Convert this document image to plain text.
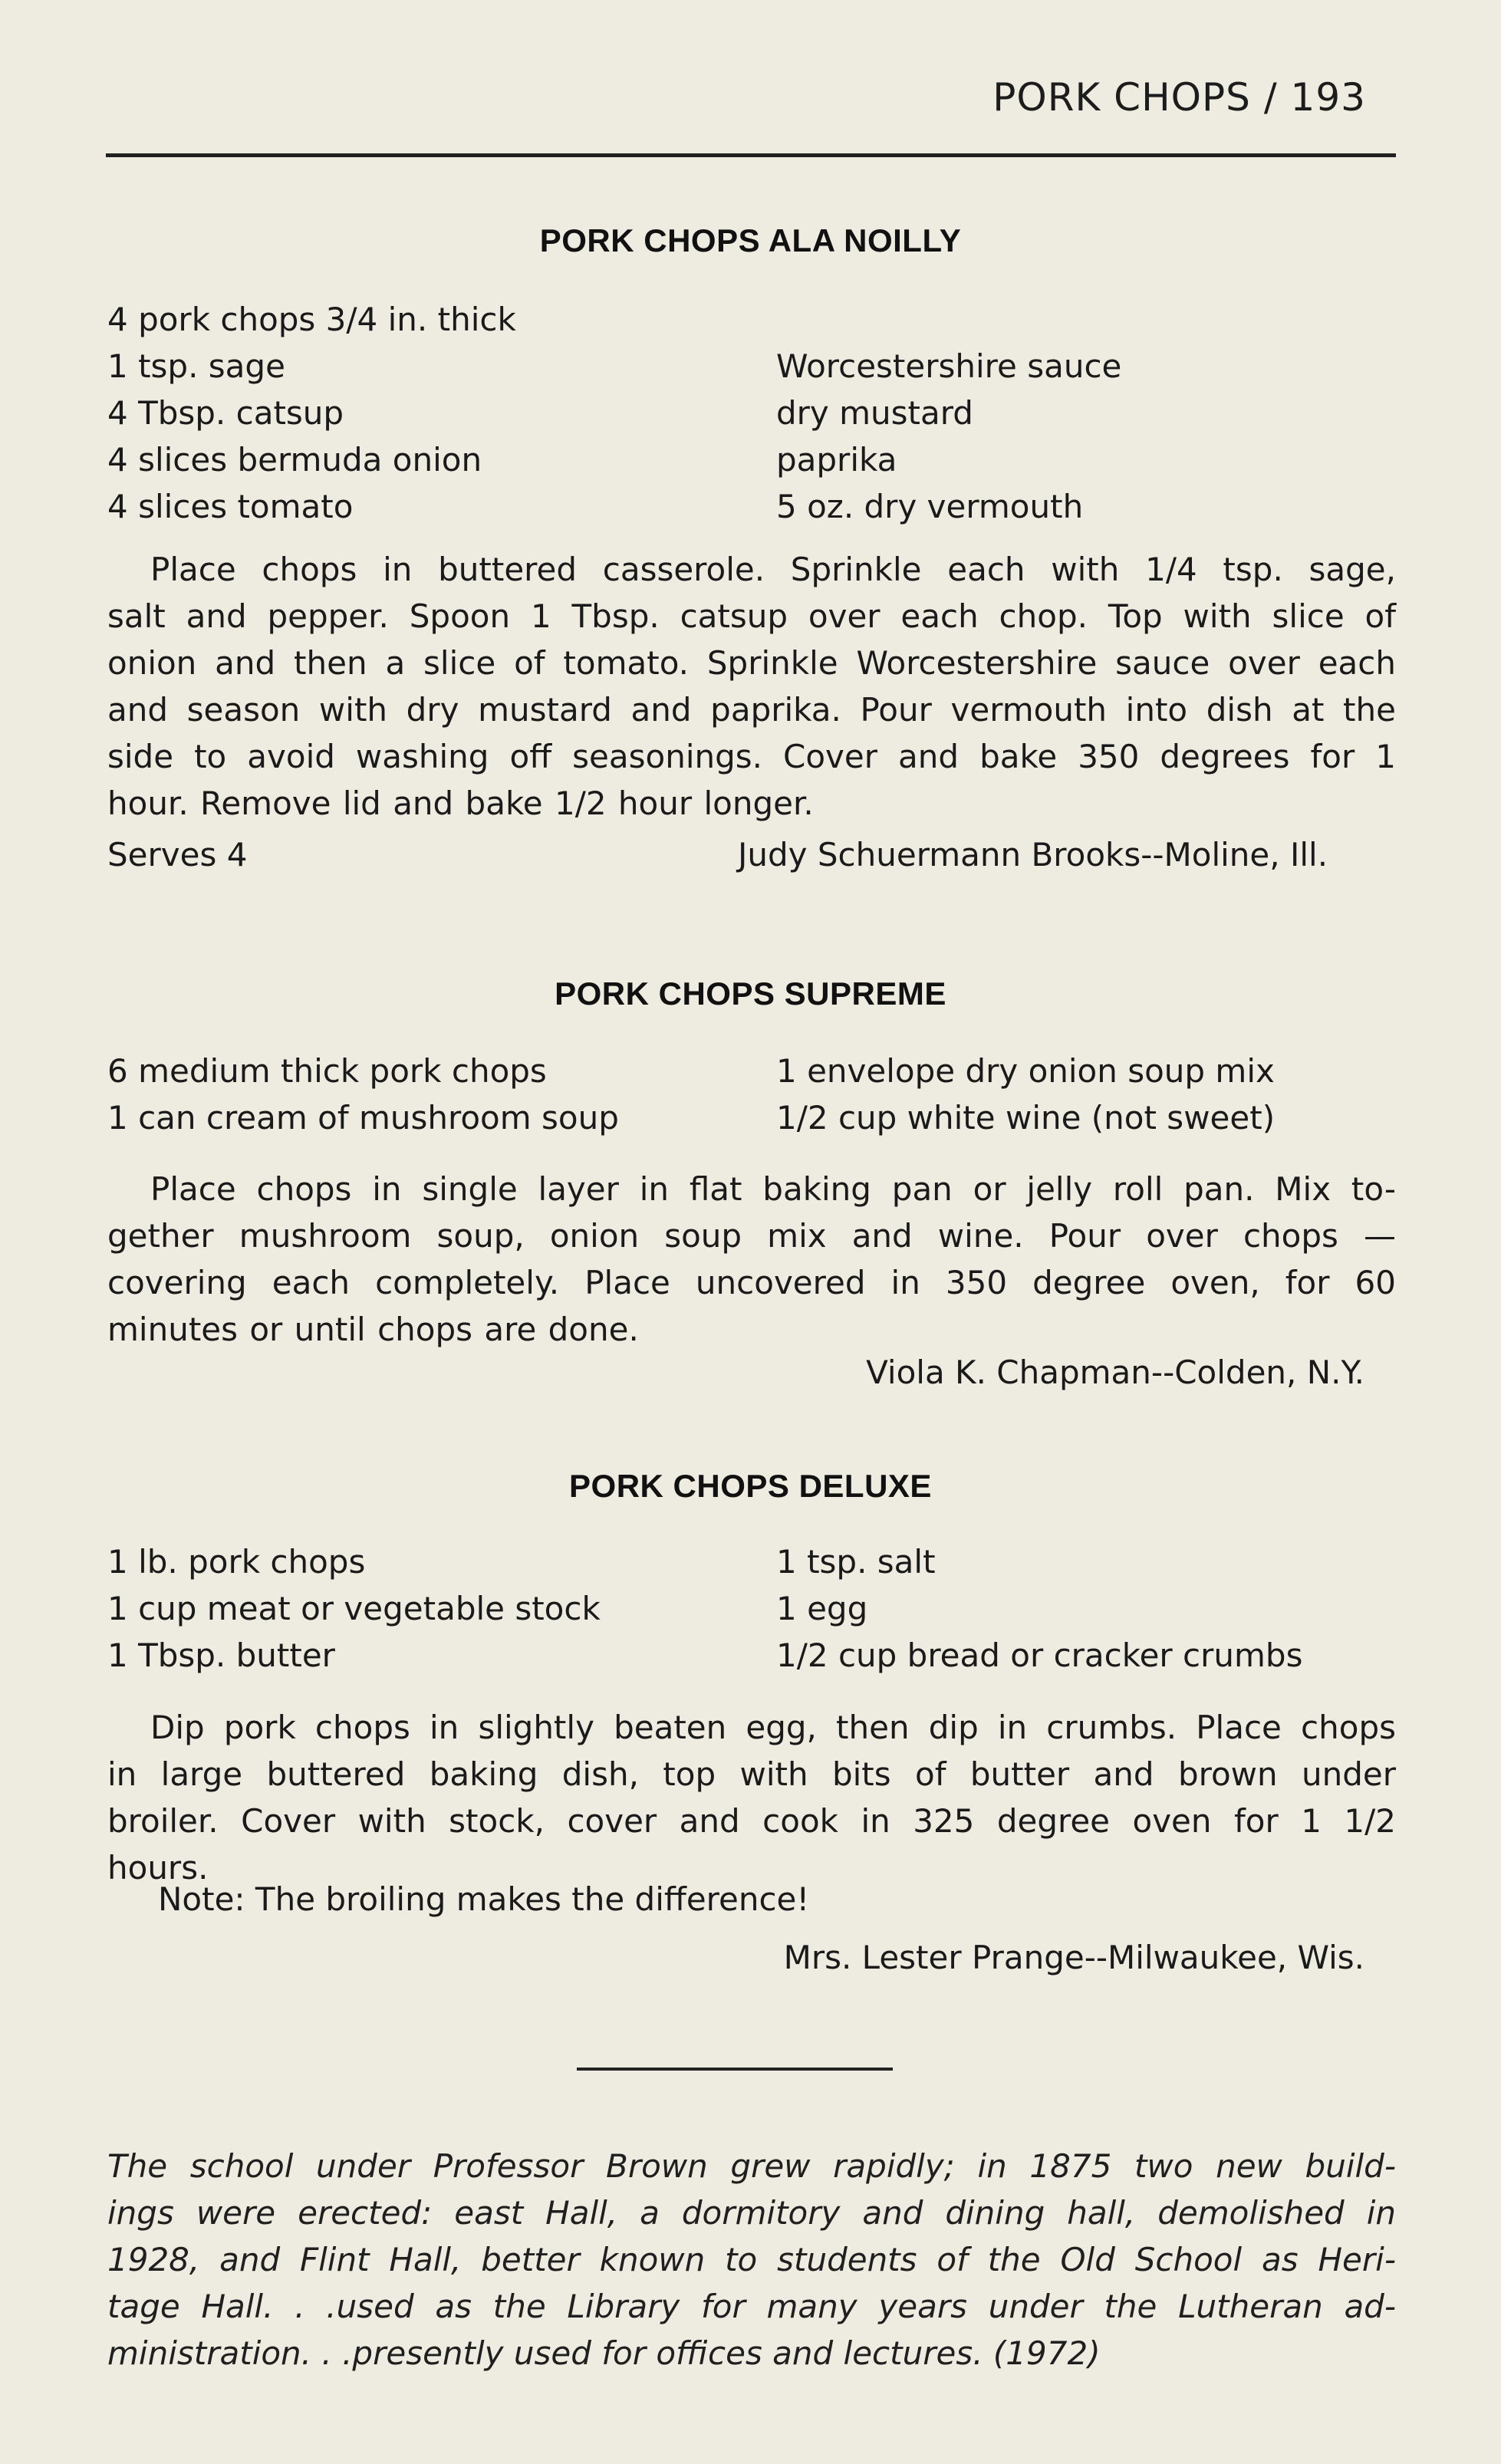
PORK CHOPS / 193
PORK CHOPS ALA NOILLY
4 pork chops 3/4 in. thick
1 tsp. sage
4 Tbsp. catsup
4 slices bermuda onion
4 slices tomato
Worcestershire sauce
dry mustard
paprika
5 oz. dry vermouth
Place chops in buttered casserole. Sprinkle each with 1/4 tsp. sage,
salt and pepper. Spoon 1 Tbsp. catsup over each chop. Top with slice of
onion and then a slice of tomato. Sprinkle Worcestershire sauce over each
and season with dry mustard and paprika. Pour vermouth into dish at the
side to avoid washing off seasonings. Cover and bake 350 degrees for 1
hour. Remove lid and bake 1/2 hour longer.
Serves 4	Judy Schuermann Brooks--Moline, Ill.
PORK CHOPS SUPREME
6 medium thick pork chops
1 can cream of mushroom soup
1 envelope dry onion soup mix
1/2 cup white wine (not sweet)
Place chops in single layer in flat baking pan or jelly roll pan. Mix to-
gether mushroom soup, onion soup mix and wine. Pour over chops —
covering each completely. Place uncovered in 350 degree oven, for 60
minutes or until chops are done.
Viola K. Chapman--Colden, N.Y.
PORK CHOPS DELUXE
1 lb. pork chops
1 cup meat or vegetable stock
1 Tbsp. butter
1 tsp. salt
1 egg
1/2 cup bread or cracker crumbs
Dip pork chops in slightly beaten egg, then dip in crumbs. Place chops
in large buttered baking dish, top with bits of butter and brown under
broiler. Cover with stock, cover and cook in 325 degree oven for 1 1/2
hours.
Note: The broiling makes the difference!
Mrs. Lester Prange--Milwaukee, Wis.
The school under Professor Brown grew rapidly; in 1875 two new build-
ings were erected: east Hall, a dormitory and dining hall, demolished in
1928, and Flint Hall, better known to students of the Old School as Heri-
tage Hall. . .used as the Library for many years under the Lutheran ad-
ministration. . .presently used for offices and lectures. (1972)
